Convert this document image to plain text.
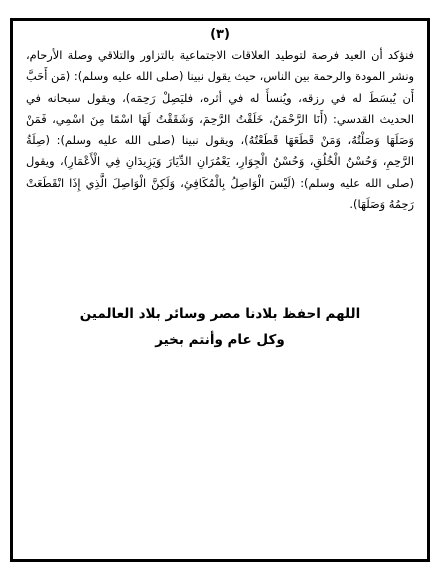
(٣)

فنؤكد أن العيد فرصة لتوطيد العلاقات الاجتماعية بالتزاور والتلاقي وصلة الأرحام، ونشر المودة والرحمة بين الناس، حيث يقول نبينا (صلى الله عليه وسلم): (مَن أَحَبَّ أَن يُبسَطَ له في رزقه، ويُنسأَ له في أثره، فليَصِلْ رَحِمَه)، ويقول سبحانه في الحديث القدسي: (أَنَا الرَّحْمَنُ، خَلَقْتُ الرَّحِمَ، وَشَقَقْتُ لَهَا اسْمًا مِنَ اسْمِي، فَمَنْ وَصَلَهَا وَصَلْتُهُ، وَمَنْ قَطَعَهَا قَطَعْتُهُ)، ويقول نبينا (صلى الله عليه وسلم): (صِلَةُ الرَّحِمِ، وَحُسْنُ الْخُلُقِ، وَحُسْنُ الْجِوَارِ، يَعْمُرَانِ الدِّيَارَ وَيَزِيدَانِ فِي الْأَعْمَارِ)، ويقول (صلى الله عليه وسلم): (لَيْسَ الْوَاصِلُ بِالْمُكَافِئِ، وَلَكِنَّ الْوَاصِلَ الَّذِي إِذَا انْقَطَعَتْ رَحِمُهُ وَصَلَهَا).

اللهم احفظ بلادنا مصر وسائر بلاد العالمين

وكل عام وأنتم بخير
